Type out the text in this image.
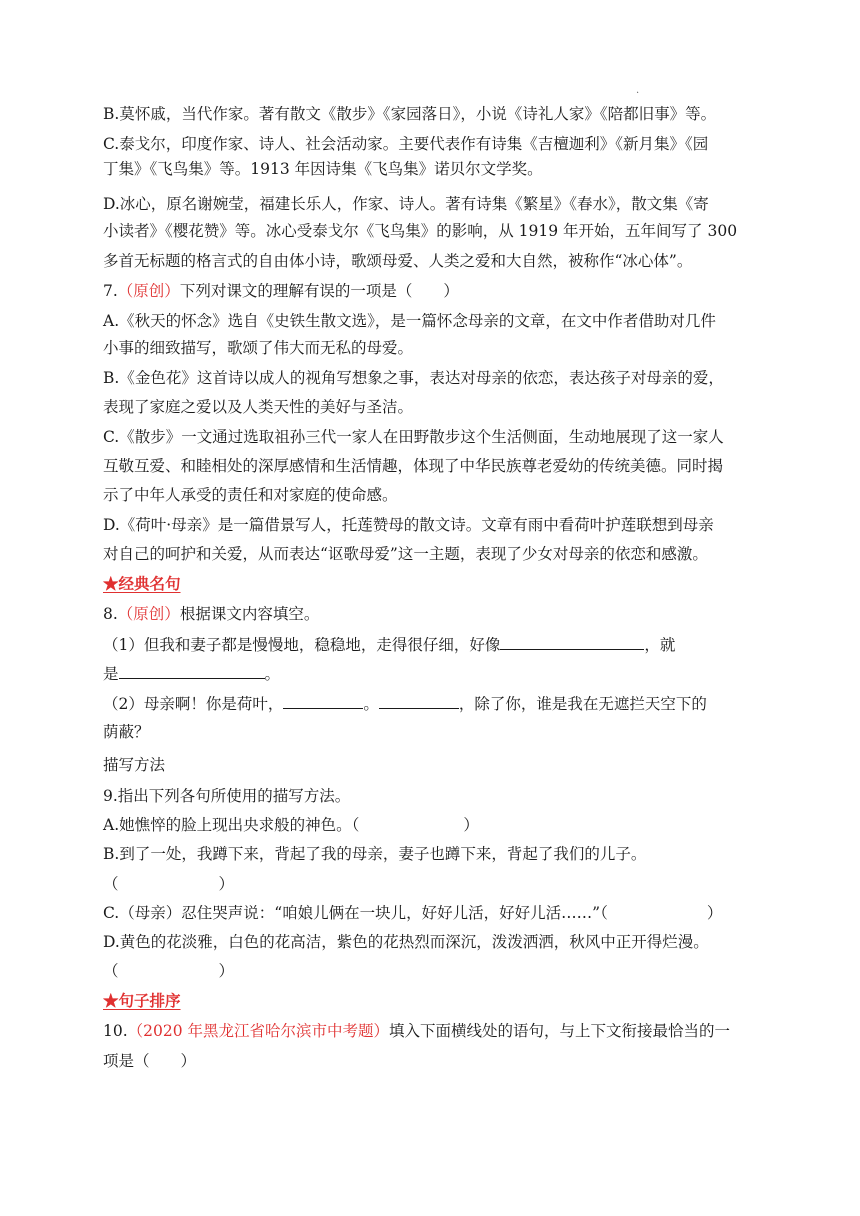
.
B.莫怀戚，当代作家。著有散文《散步》《家园落日》，小说《诗礼人家》《陪都旧事》等。
C.泰戈尔，印度作家、诗人、社会活动家。主要代表作有诗集《吉檀迦利》《新月集》《园
丁集》《飞鸟集》等。1913 年因诗集《飞鸟集》诺贝尔文学奖。
D.冰心，原名谢婉莹，福建长乐人，作家、诗人。著有诗集《繁星》《春水》，散文集《寄
小读者》《樱花赞》等。冰心受泰戈尔《飞鸟集》的影响，从 1919 年开始，五年间写了 300
多首无标题的格言式的自由体小诗，歌颂母爱、人类之爱和大自然，被称作“冰心体”。
7.（原创）下列对课文的理解有误的一项是（　　）
A.《秋天的怀念》选自《史铁生散文选》，是一篇怀念母亲的文章，在文中作者借助对几件
小事的细致描写，歌颂了伟大而无私的母爱。
B.《金色花》这首诗以成人的视角写想象之事，表达对母亲的依恋，表达孩子对母亲的爱，
表现了家庭之爱以及人类天性的美好与圣洁。
C.《散步》一文通过选取祖孙三代一家人在田野散步这个生活侧面，生动地展现了这一家人
互敬互爱、和睦相处的深厚感情和生活情趣，体现了中华民族尊老爱幼的传统美德。同时揭
示了中年人承受的责任和对家庭的使命感。
D.《荷叶·母亲》是一篇借景写人，托莲赞母的散文诗。文章有雨中看荷叶护莲联想到母亲
对自己的呵护和关爱，从而表达“讴歌母爱”这一主题，表现了少女对母亲的依恋和感激。
★经典名句
8.（原创）根据课文内容填空。
（1）但我和妻子都是慢慢地，稳稳地，走得很仔细，好像	，就
是	。
（2）母亲啊！你是荷叶，	。	，除了你，谁是我在无遮拦天空下的
荫蔽？
描写方法
9.指出下列各句所使用的描写方法。
A.她憔悴的脸上现出央求般的神色。（	）
B.到了一处，我蹲下来，背起了我的母亲，妻子也蹲下来，背起了我们的儿子。
（	）
C.（母亲）忍住哭声说：“咱娘儿俩在一块儿，好好儿活，好好儿活……”（	）
D.黄色的花淡雅，白色的花高洁，紫色的花热烈而深沉，泼泼洒洒，秋风中正开得烂漫。
（	）
★句子排序
10.（2020 年黑龙江省哈尔滨市中考题）填入下面横线处的语句，与上下文衔接最恰当的一
项是（　　）
